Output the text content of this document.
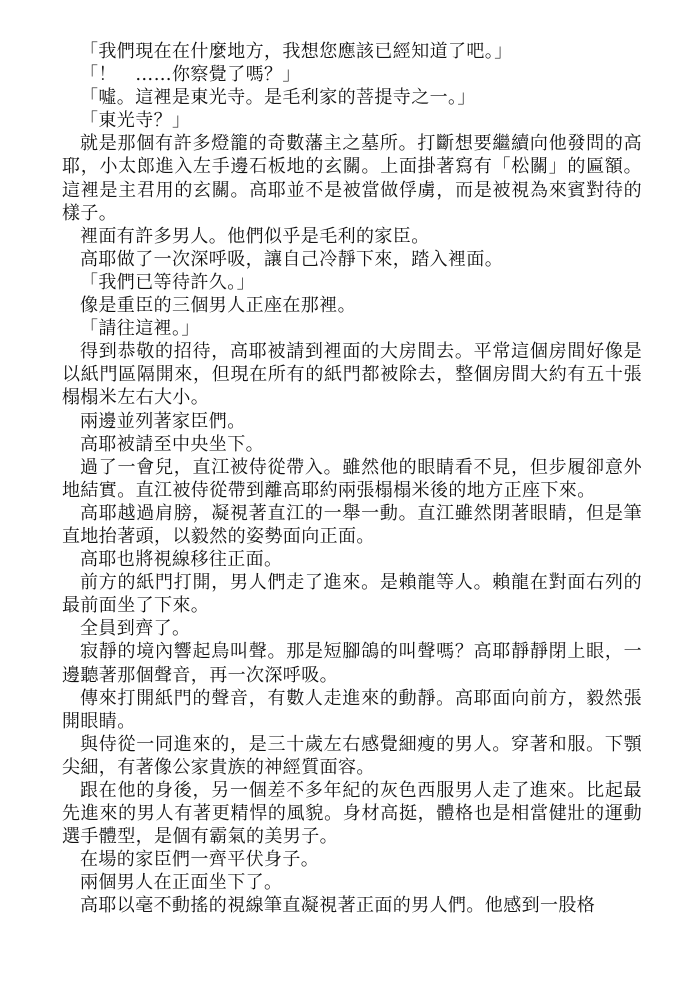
「我們現在在什麼地方，我想您應該已經知道了吧。」

「！　……你察覺了嗎？」

「噓。這裡是東光寺。是毛利家的菩提寺之一。」

「東光寺？」

就是那個有許多燈籠的奇數藩主之墓所。打斷想要繼續向他發問的高耶，小太郎進入左手邊石板地的玄關。上面掛著寫有「松關」的匾額。這裡是主君用的玄關。高耶並不是被當做俘虜，而是被視為來賓對待的樣子。

裡面有許多男人。他們似乎是毛利的家臣。

高耶做了一次深呼吸，讓自己冷靜下來，踏入裡面。

「我們已等待許久。」

像是重臣的三個男人正座在那裡。

「請往這裡。」

得到恭敬的招待，高耶被請到裡面的大房間去。平常這個房間好像是以紙門區隔開來，但現在所有的紙門都被除去，整個房間大約有五十張榻榻米左右大小。

兩邊並列著家臣們。

高耶被請至中央坐下。

過了一會兒，直江被侍從帶入。雖然他的眼睛看不見，但步履卻意外地結實。直江被侍從帶到離高耶約兩張榻榻米後的地方正座下來。

高耶越過肩膀，凝視著直江的一舉一動。直江雖然閉著眼睛，但是筆直地抬著頭，以毅然的姿勢面向正面。

高耶也將視線移往正面。

前方的紙門打開，男人們走了進來。是賴龍等人。賴龍在對面右列的最前面坐了下來。

全員到齊了。

寂靜的境內響起鳥叫聲。那是短腳鴿的叫聲嗎？高耶靜靜閉上眼，一邊聽著那個聲音，再一次深呼吸。

傳來打開紙門的聲音，有數人走進來的動靜。高耶面向前方，毅然張開眼睛。

與侍從一同進來的，是三十歲左右感覺細瘦的男人。穿著和服。下顎尖細，有著像公家貴族的神經質面容。

跟在他的身後，另一個差不多年紀的灰色西服男人走了進來。比起最先進來的男人有著更精悍的風貌。身材高挺，體格也是相當健壯的運動選手體型，是個有霸氣的美男子。

在場的家臣們一齊平伏身子。

兩個男人在正面坐下了。

高耶以毫不動搖的視線筆直凝視著正面的男人們。他感到一股格
